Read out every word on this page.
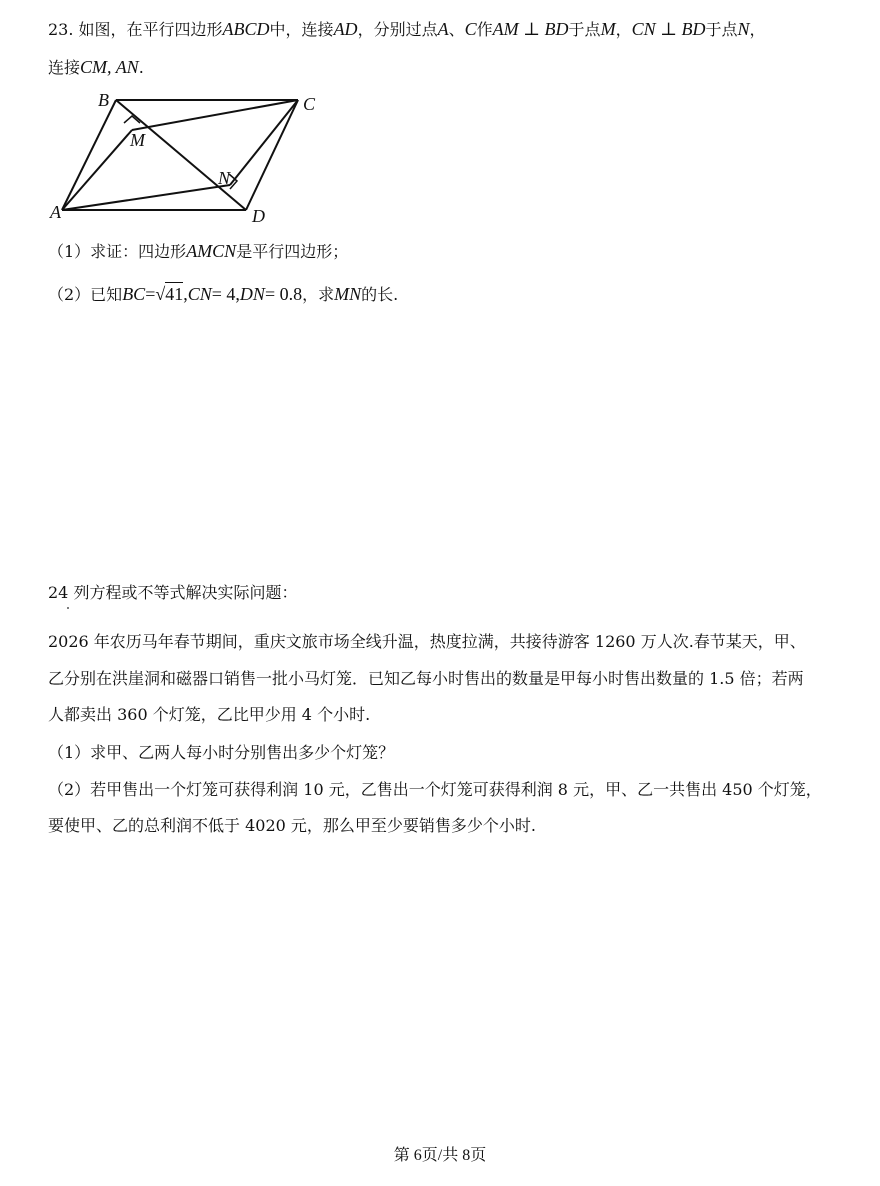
23. 如图，在平行四边形ABCD中，连接AD，分别过点A、C作AM ⊥ BD于点M，CN ⊥ BD于点N，
连接CM, AN.
B	C
M
N
A	D
（1）求证：四边形AMCN是平行四边形；
（2）已知BC=√41,CN= 4,DN= 0.8，求MN的长.
24 列方程或不等式解决实际问题：
2026 年农历马年春节期间，重庆文旅市场全线升温，热度拉满，共接待游客 1260 万人次.春节某天，甲、
乙分别在洪崖洞和磁器口销售一批小马灯笼．已知乙每小时售出的数量是甲每小时售出数量的 1.5 倍；若两
人都卖出 360 个灯笼，乙比甲少用 4 个小时.
（1）求甲、乙两人每小时分别售出多少个灯笼？
（2）若甲售出一个灯笼可获得利润 10 元，乙售出一个灯笼可获得利润 8 元，甲、乙一共售出 450 个灯笼，
要使甲、乙的总利润不低于 4020 元，那么甲至少要销售多少个小时.
第 6页/共 8页
